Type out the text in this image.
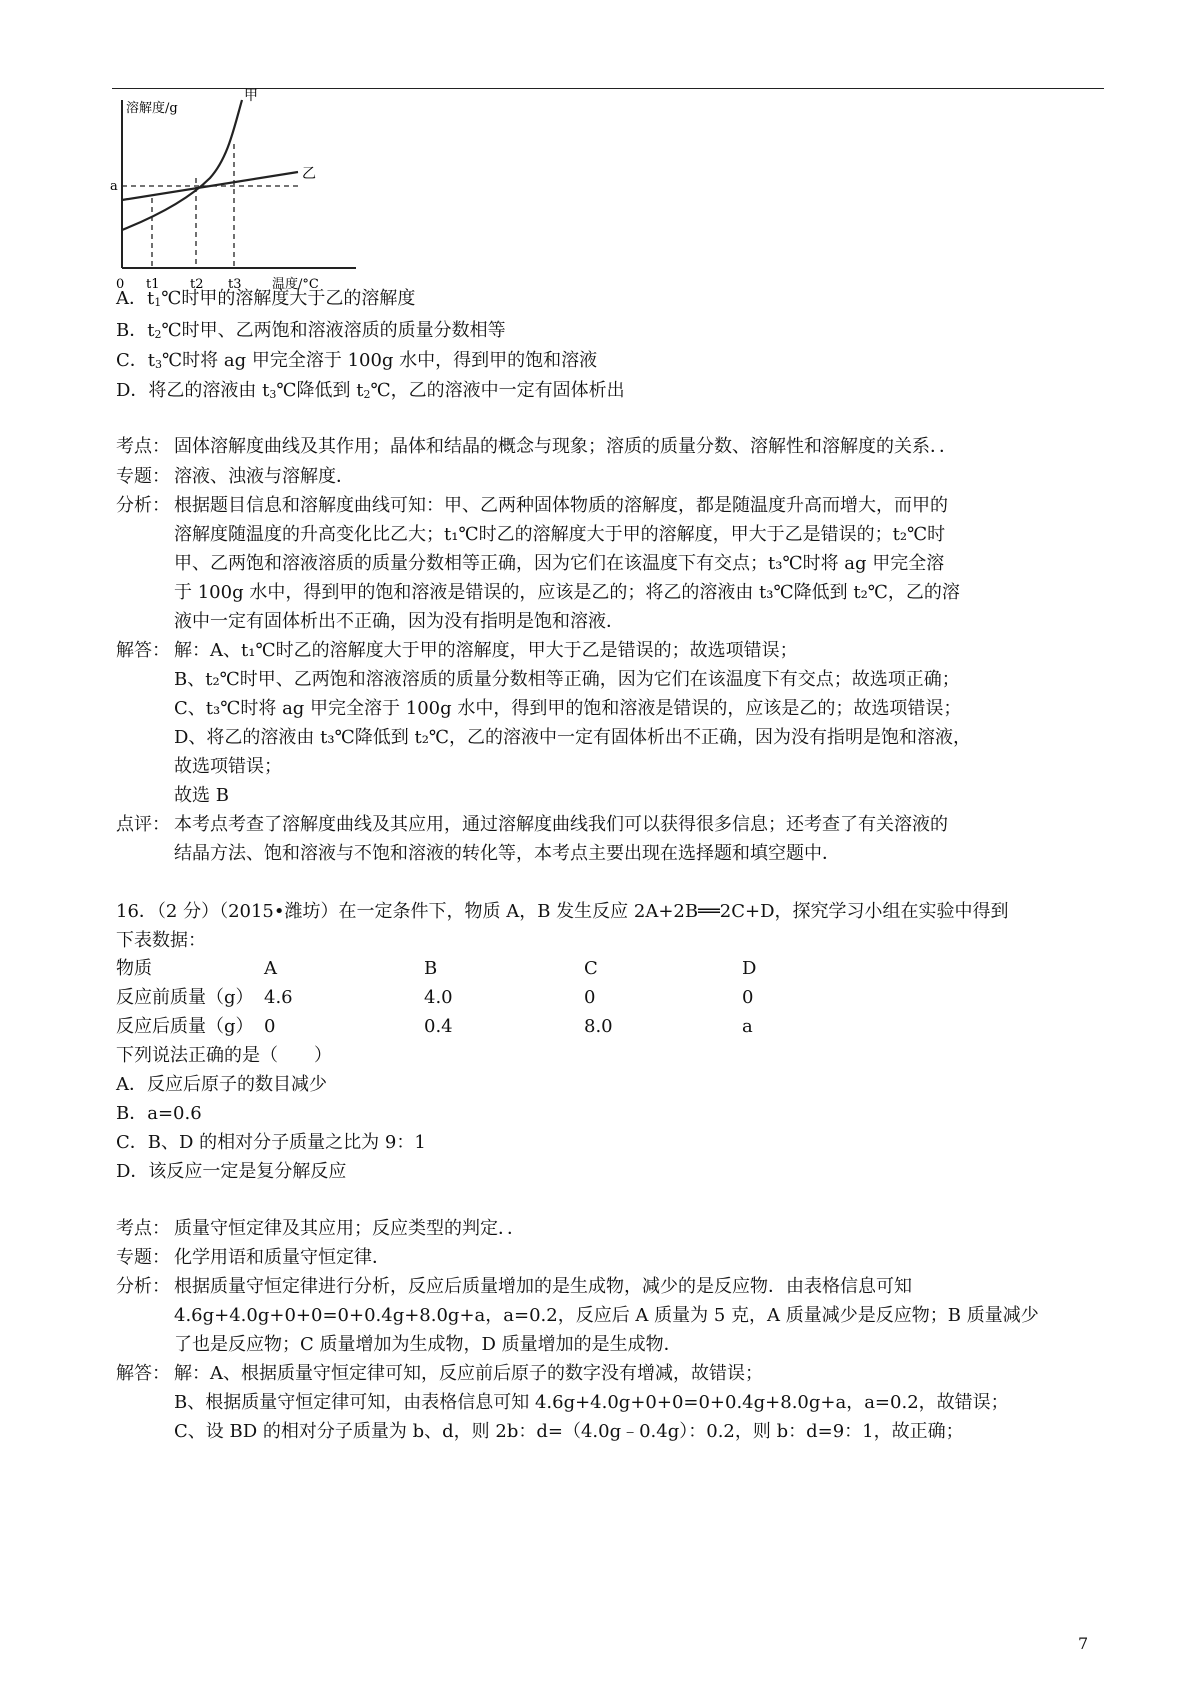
溶解度/g
甲
乙
a
0 t1 t2 t3 温度/°C
A．$t_1℃$时甲的溶解度大于乙的溶解度
B．$t_2℃$时甲、乙两饱和溶液溶质的质量分数相等
C．$t_3℃$时将 ag 甲完全溶于 100g 水中，得到甲的饱和溶液
D．将乙的溶液由 $t_3℃$降低到 $t_2℃$，乙的溶液中一定有固体析出
考点： 固体溶解度曲线及其作用；晶体和结晶的概念与现象；溶质的质量分数、溶解性和溶解度的关系．．
专题： 溶液、浊液与溶解度．
分析： 根据题目信息和溶解度曲线可知：甲、乙两种固体物质的溶解度，都是随温度升高而增大，而甲的
溶解度随温度的升高变化比乙大；t₁℃时乙的溶解度大于甲的溶解度，甲大于乙是错误的；t₂℃时
甲、乙两饱和溶液溶质的质量分数相等正确，因为它们在该温度下有交点；t₃℃时将 ag 甲完全溶
于 100g 水中，得到甲的饱和溶液是错误的，应该是乙的；将乙的溶液由 t₃℃降低到 t₂℃，乙的溶
液中一定有固体析出不正确，因为没有指明是饱和溶液．
解答： 解：A、t₁℃时乙的溶解度大于甲的溶解度，甲大于乙是错误的；故选项错误；
B、t₂℃时甲、乙两饱和溶液溶质的质量分数相等正确，因为它们在该温度下有交点；故选项正确；
C、t₃℃时将 ag 甲完全溶于 100g 水中，得到甲的饱和溶液是错误的，应该是乙的；故选项错误；
D、将乙的溶液由 t₃℃降低到 t₂℃，乙的溶液中一定有固体析出不正确，因为没有指明是饱和溶液，
故选项错误；
故选 B
点评： 本考点考查了溶解度曲线及其应用，通过溶解度曲线我们可以获得很多信息；还考查了有关溶液的
结晶方法、饱和溶液与不饱和溶液的转化等，本考点主要出现在选择题和填空题中．
16．（2 分）（2015•潍坊）在一定条件下，物质 A，B 发生反应 2A+2B══2C+D，探究学习小组在实验中得到
下表数据：
物质	A	B	C	D
反应前质量（g） 4.6	4.0	0	0
反应后质量（g） 0	0.4	8.0	a
下列说法正确的是（　　）
A．反应后原子的数目减少
B．a=0.6
C．B、D 的相对分子质量之比为 9：1
D．该反应一定是复分解反应
考点： 质量守恒定律及其应用；反应类型的判定．．
专题： 化学用语和质量守恒定律．
分析： 根据质量守恒定律进行分析，反应后质量增加的是生成物，减少的是反应物．由表格信息可知
4.6g+4.0g+0+0=0+0.4g+8.0g+a，a=0.2，反应后 A 质量为 5 克，A 质量减少是反应物；B 质量减少
了也是反应物；C 质量增加为生成物，D 质量增加的是生成物．
解答： 解：A、根据质量守恒定律可知，反应前后原子的数字没有增减，故错误；
B、根据质量守恒定律可知，由表格信息可知 4.6g+4.0g+0+0=0+0.4g+8.0g+a，a=0.2，故错误；
C、设 BD 的相对分子质量为 b、d，则 2b：d=（4.0g﹣0.4g）：0.2，则 b：d=9：1，故正确；
7
